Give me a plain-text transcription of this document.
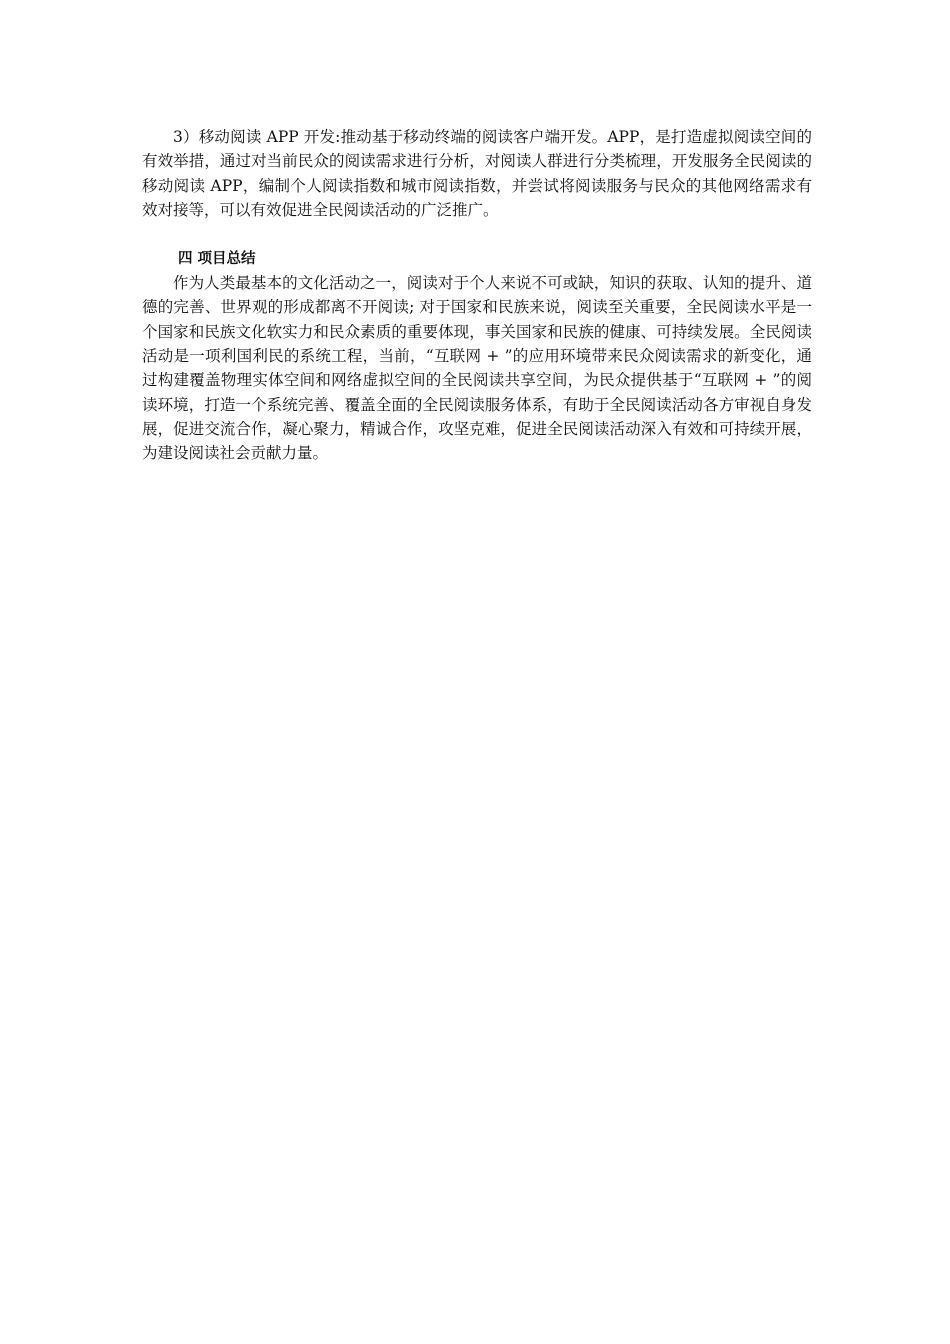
3）移动阅读 APP 开发:推动基于移动终端的阅读客户端开发。APP，是打造虚拟阅读空间的有效举措，通过对当前民众的阅读需求进行分析，对阅读人群进行分类梳理，开发服务全民阅读的移动阅读 APP，编制个人阅读指数和城市阅读指数，并尝试将阅读服务与民众的其他网络需求有效对接等，可以有效促进全民阅读活动的广泛推广。

四 项目总结

作为人类最基本的文化活动之一，阅读对于个人来说不可或缺，知识的获取、认知的提升、道德的完善、世界观的形成都离不开阅读; 对于国家和民族来说，阅读至关重要，全民阅读水平是一个国家和民族文化软实力和民众素质的重要体现，事关国家和民族的健康、可持续发展。全民阅读活动是一项利国利民的系统工程，当前，“互联网 + ”的应用环境带来民众阅读需求的新变化，通过构建覆盖物理实体空间和网络虚拟空间的全民阅读共享空间，为民众提供基于“互联网 + ”的阅读环境，打造一个系统完善、覆盖全面的全民阅读服务体系，有助于全民阅读活动各方审视自身发展，促进交流合作，凝心聚力，精诚合作，攻坚克难，促进全民阅读活动深入有效和可持续开展，为建设阅读社会贡献力量。
